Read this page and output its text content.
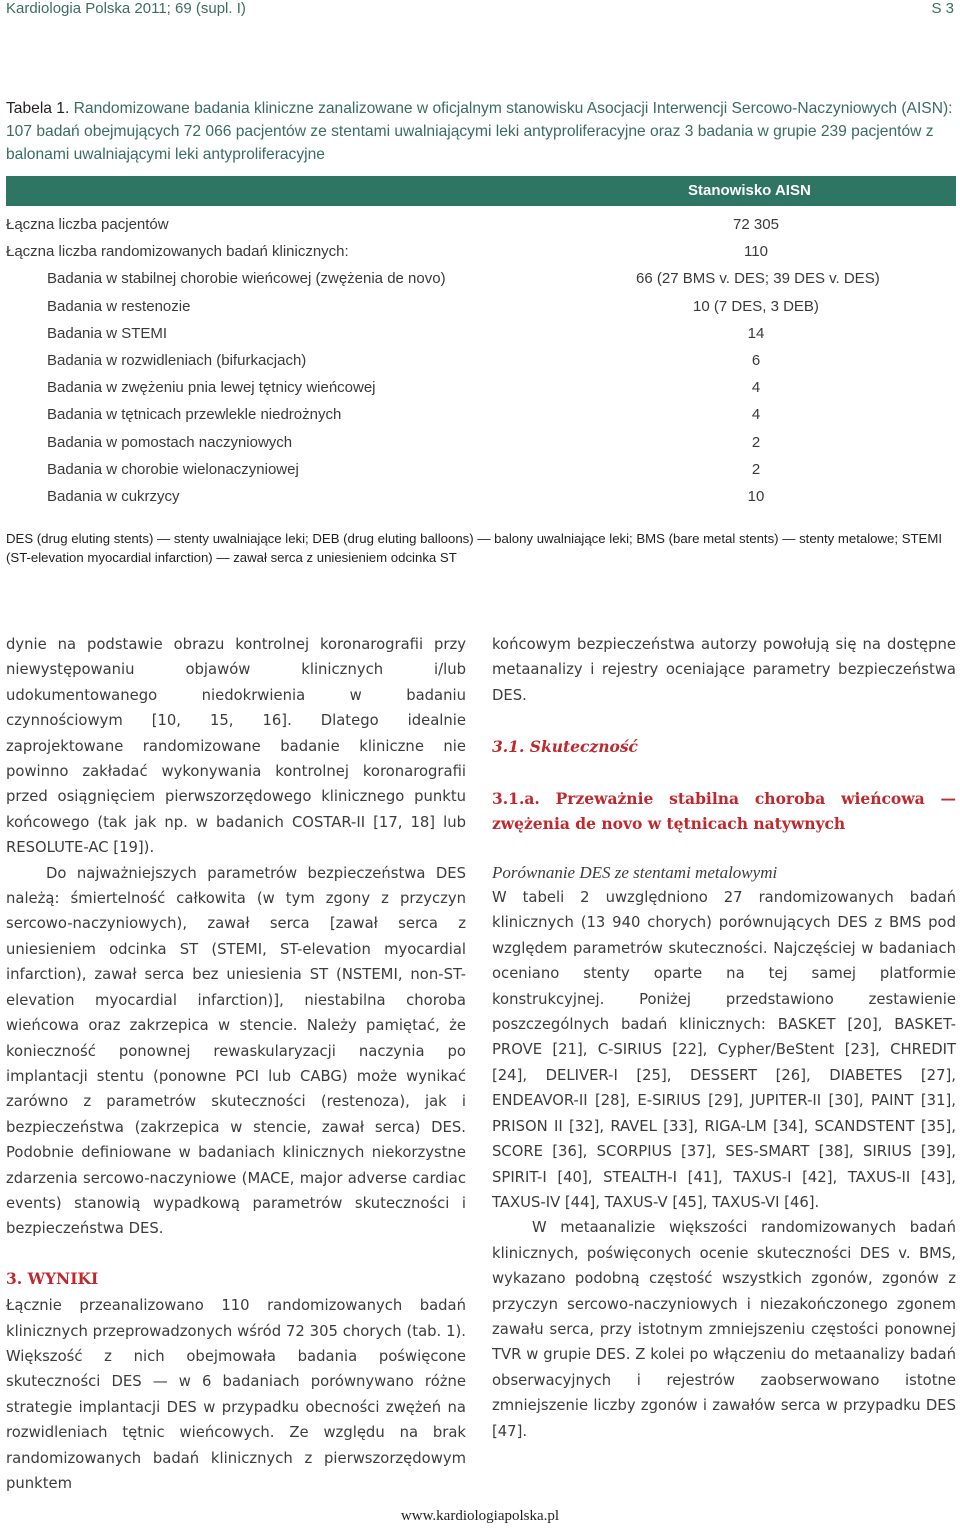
Kardiologia Polska 2011; 69 (supl. I)	S 3
Tabela 1. Randomizowane badania kliniczne zanalizowane w oficjalnym stanowisku Asocjacji Interwencji Sercowo-Naczyniowych (AISN): 107 badań obejmujących 72 066 pacjentów ze stentami uwalniającymi leki antyproliferacyjne oraz 3 badania w grupie 239 pacjentów z balonami uwalniającymi leki antyproliferacyjne
Stanowisko AISN
Łączna liczba pacjentów	72 305
Łączna liczba randomizowanych badań klinicznych:	110
Badania w stabilnej chorobie wieńcowej (zwężenia de novo)	66 (27 BMS v. DES; 39 DES v. DES)
Badania w restenozie	10 (7 DES, 3 DEB)
Badania w STEMI	14
Badania w rozwidleniach (bifurkacjach)	6
Badania w zwężeniu pnia lewej tętnicy wieńcowej	4
Badania w tętnicach przewlekle niedrożnych	4
Badania w pomostach naczyniowych	2
Badania w chorobie wielonaczyniowej	2
Badania w cukrzycy	10
DES (drug eluting stents) — stenty uwalniające leki; DEB (drug eluting balloons) — balony uwalniające leki; BMS (bare metal stents) — stenty metalowe; STEMI (ST-elevation myocardial infarction) — zawał serca z uniesieniem odcinka ST

dynie na podstawie obrazu kontrolnej koronarografii przy niewystępowaniu objawów klinicznych i/lub udokumentowanego niedokrwienia w badaniu czynnościowym [10, 15, 16]. Dlatego idealnie zaprojektowane randomizowane badanie kliniczne nie powinno zakładać wykonywania kontrolnej koronarografii przed osiągnięciem pierwszorzędowego klinicznego punktu końcowego (tak jak np. w badanich COSTAR-II [17, 18] lub RESOLUTE-AC [19]).

Do najważniejszych parametrów bezpieczeństwa DES należą: śmiertelność całkowita (w tym zgony z przyczyn sercowo-naczyniowych), zawał serca [zawał serca z uniesieniem odcinka ST (STEMI, ST-elevation myocardial infarction), zawał serca bez uniesienia ST (NSTEMI, non-ST-elevation myocardial infarction)], niestabilna choroba wieńcowa oraz zakrzepica w stencie. Należy pamiętać, że konieczność ponownej rewaskularyzacji naczynia po implantacji stentu (ponowne PCI lub CABG) może wynikać zarówno z parametrów skuteczności (restenoza), jak i bezpieczeństwa (zakrzepica w stencie, zawał serca) DES. Podobnie definiowane w badaniach klinicznych niekorzystne zdarzenia sercowo-naczyniowe (MACE, major adverse cardiac events) stanowią wypadkową parametrów skuteczności i bezpieczeństwa DES.

3. WYNIKI

Łącznie przeanalizowano 110 randomizowanych badań klinicznych przeprowadzonych wśród 72 305 chorych (tab. 1). Większość z nich obejmowała badania poświęcone skuteczności DES — w 6 badaniach porównywano różne strategie implantacji DES w przypadku obecności zwężeń na rozwidleniach tętnic wieńcowych. Ze względu na brak randomizowanych badań klinicznych z pierwszorzędowym punktem

końcowym bezpieczeństwa autorzy powołują się na dostępne metaanalizy i rejestry oceniające parametry bezpieczeństwa DES.

3.1. Skuteczność

3.1.a. Przeważnie stabilna choroba wieńcowa — zwężenia de novo w tętnicach natywnych

Porównanie DES ze stentami metalowymi

W tabeli 2 uwzględniono 27 randomizowanych badań klinicznych (13 940 chorych) porównujących DES z BMS pod względem parametrów skuteczności. Najczęściej w badaniach oceniano stenty oparte na tej samej platformie konstrukcyjnej. Poniżej przedstawiono zestawienie poszczególnych badań klinicznych: BASKET [20], BASKET-PROVE [21], C-SIRIUS [22], Cypher/BeStent [23], CHREDIT [24], DELIVER-I [25], DESSERT [26], DIABETES [27], ENDEAVOR-II [28], E-SIRIUS [29], JUPITER-II [30], PAINT [31], PRISON II [32], RAVEL [33], RIGA-LM [34], SCANDSTENT [35], SCORE [36], SCORPIUS [37], SES-SMART [38], SIRIUS [39], SPIRIT-I [40], STEALTH-I [41], TAXUS-I [42], TAXUS-II [43], TAXUS-IV [44], TAXUS-V [45], TAXUS-VI [46].

W metaanalizie większości randomizowanych badań klinicznych, poświęconych ocenie skuteczności DES v. BMS, wykazano podobną częstość wszystkich zgonów, zgonów z przyczyn sercowo-naczyniowych i niezakończonego zgonem zawału serca, przy istotnym zmniejszeniu częstości ponownej TVR w grupie DES. Z kolei po włączeniu do metaanalizy badań obserwacyjnych i rejestrów zaobserwowano istotne zmniejszenie liczby zgonów i zawałów serca w przypadku DES [47].

www.kardiologiapolska.pl
